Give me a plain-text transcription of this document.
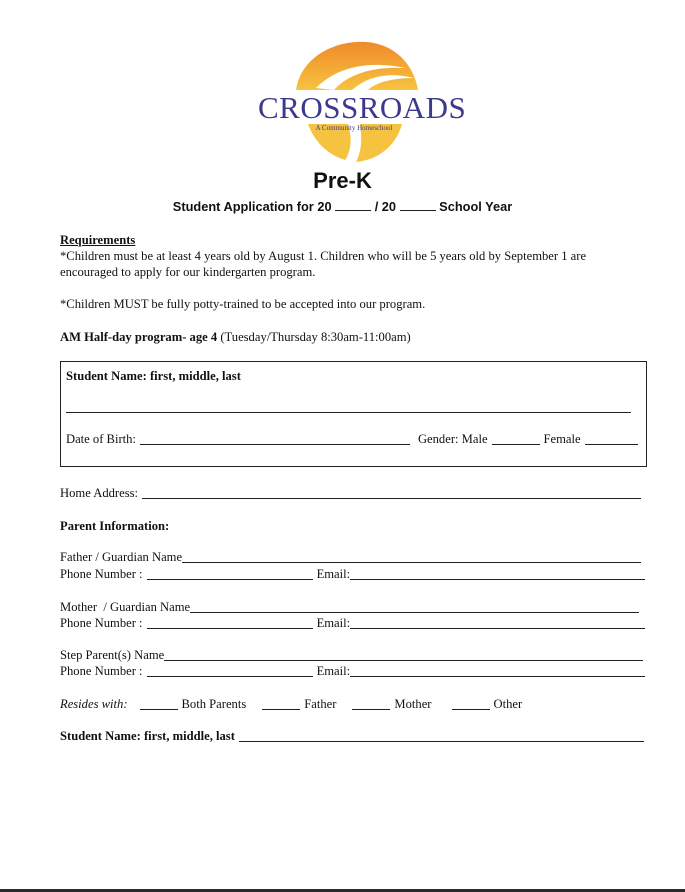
CROSSROADS
A Community Homeschool
Pre-K
Student Application for 20	/ 20	School Year
Requirements
*Children must be at least 4 years old by August 1. Children who will be 5 years old by September 1 are
encouraged to apply for our kindergarten program.
*Children MUST be fully potty-trained to be accepted into our program.
AM Half-day program- age 4 (Tuesday/Thursday 8:30am-11:00am)
Student Name: first, middle, last
Date of Birth:	Gender: Male	Female
Home Address:
Parent Information:
Father / Guardian Name
Phone Number :	Email:
Mother  / Guardian Name
Phone Number :	Email:
Step Parent(s) Name
Phone Number :	Email:
Resides with:	Both Parents	Father	Mother	Other
Student Name: first, middle, last
